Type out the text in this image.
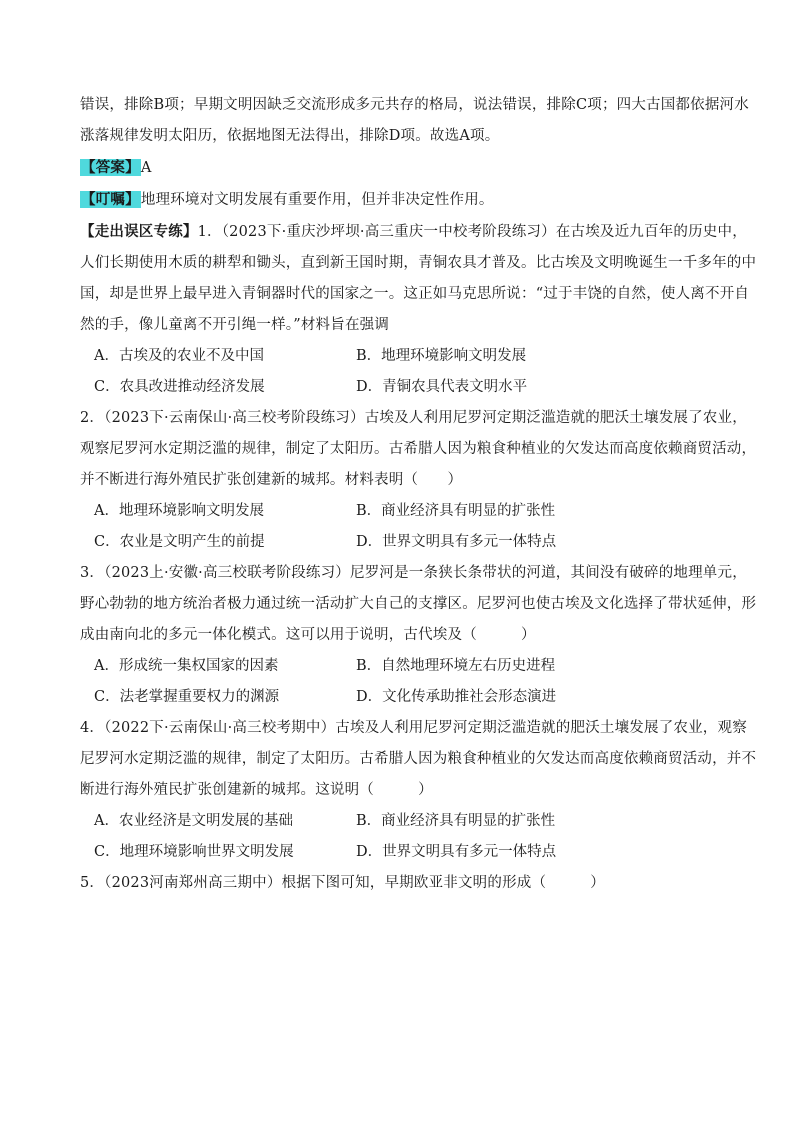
错误，排除B项；早期文明因缺乏交流形成多元共存的格局，说法错误，排除C项；四大古国都依据河水
涨落规律发明太阳历，依据地图无法得出，排除D项。故选A项。
【答案】A
【叮嘱】地理环境对文明发展有重要作用，但并非决定性作用。
【走出误区专练】1．（2023下·重庆沙坪坝·高三重庆一中校考阶段练习）在古埃及近九百年的历史中，
人们长期使用木质的耕犁和锄头，直到新王国时期，青铜农具才普及。比古埃及文明晚诞生一千多年的中
国，却是世界上最早进入青铜器时代的国家之一。这正如马克思所说：“过于丰饶的自然，使人离不开自
然的手，像儿童离不开引绳一样。”材料旨在强调
A．古埃及的农业不及中国	B．地理环境影响文明发展
C．农具改进推动经济发展	D．青铜农具代表文明水平
2．（2023下·云南保山·高三校考阶段练习）古埃及人利用尼罗河定期泛滥造就的肥沃土壤发展了农业，
观察尼罗河水定期泛滥的规律，制定了太阳历。古希腊人因为粮食种植业的欠发达而高度依赖商贸活动，
并不断进行海外殖民扩张创建新的城邦。材料表明（　　）
A．地理环境影响文明发展	B．商业经济具有明显的扩张性
C．农业是文明产生的前提	D．世界文明具有多元一体特点
3．（2023上·安徽·高三校联考阶段练习）尼罗河是一条狭长条带状的河道，其间没有破碎的地理单元，
野心勃勃的地方统治者极力通过统一活动扩大自己的支撑区。尼罗河也使古埃及文化选择了带状延伸，形
成由南向北的多元一体化模式。这可以用于说明，古代埃及（　　　）
A．形成统一集权国家的因素	B．自然地理环境左右历史进程
C．法老掌握重要权力的渊源	D．文化传承助推社会形态演进
4．（2022下·云南保山·高三校考期中）古埃及人利用尼罗河定期泛滥造就的肥沃土壤发展了农业，观察
尼罗河水定期泛滥的规律，制定了太阳历。古希腊人因为粮食种植业的欠发达而高度依赖商贸活动，并不
断进行海外殖民扩张创建新的城邦。这说明（　　　）
A．农业经济是文明发展的基础	B．商业经济具有明显的扩张性
C．地理环境影响世界文明发展	D．世界文明具有多元一体特点
5．（2023河南郑州高三期中）根据下图可知，早期欧亚非文明的形成（　　　）
